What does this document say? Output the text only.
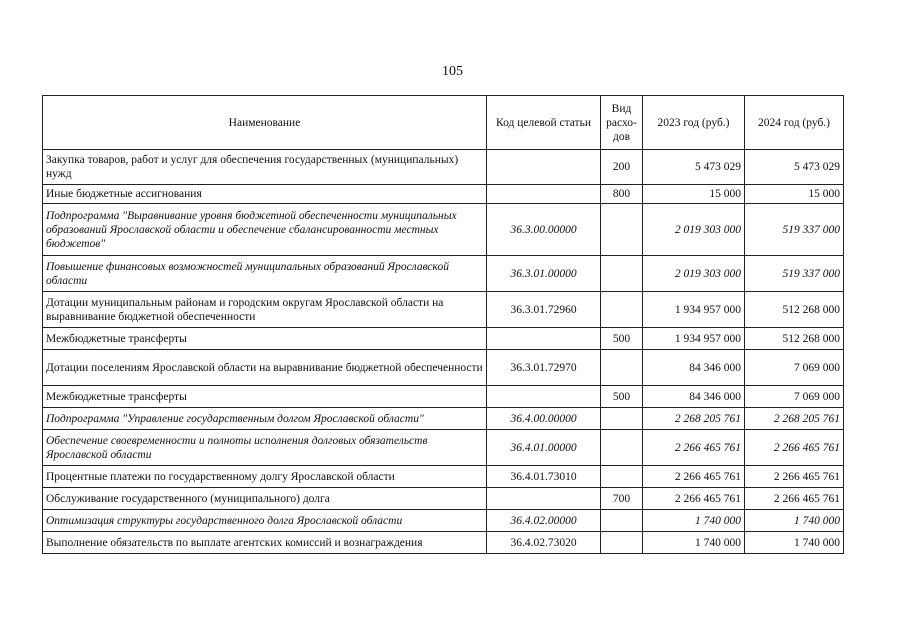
105
Наименование	Код целевой статьи	Вид расхо-дов	2023 год (руб.)	2024 год (руб.)
Закупка товаров, работ и услуг для обеспечения государственных (муниципальных) нужд		200	5 473 029	5 473 029
Иные бюджетные ассигнования		800	15 000	15 000
Подпрограмма "Выравнивание уровня бюджетной обеспеченности муниципальных образований Ярославской области и обеспечение сбалансированности местных бюджетов"	36.3.00.00000		2 019 303 000	519 337 000
Повышение финансовых возможностей муниципальных образований Ярославской области	36.3.01.00000		2 019 303 000	519 337 000
Дотации муниципальным районам и городским округам Ярославской области на выравнивание бюджетной обеспеченности	36.3.01.72960		1 934 957 000	512 268 000
Межбюджетные трансферты		500	1 934 957 000	512 268 000
Дотации поселениям Ярославской области на выравнивание бюджетной обеспеченности	36.3.01.72970		84 346 000	7 069 000
Межбюджетные трансферты		500	84 346 000	7 069 000
Подпрограмма "Управление государственным долгом Ярославской области"	36.4.00.00000		2 268 205 761	2 268 205 761
Обеспечение своевременности и полноты исполнения долговых обязательств Ярославской области	36.4.01.00000		2 266 465 761	2 266 465 761
Процентные платежи по государственному долгу Ярославской области	36.4.01.73010		2 266 465 761	2 266 465 761
Обслуживание государственного (муниципального) долга		700	2 266 465 761	2 266 465 761
Оптимизация структуры государственного долга Ярославской области	36.4.02.00000		1 740 000	1 740 000
Выполнение обязательств по выплате агентских комиссий и вознаграждения	36.4.02.73020		1 740 000	1 740 000
